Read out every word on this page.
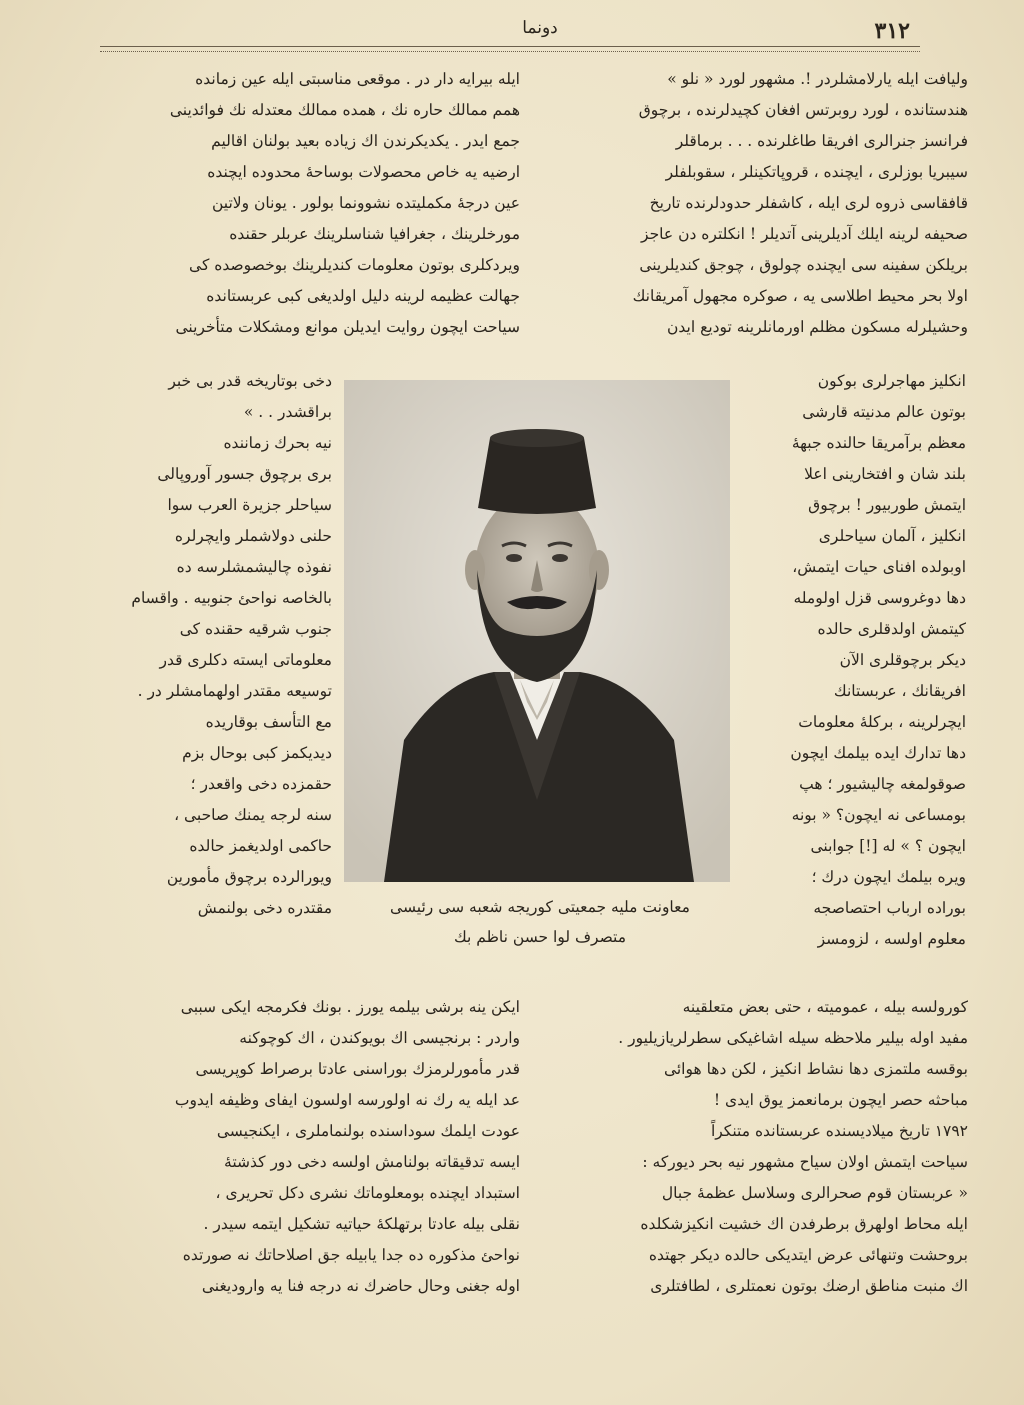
٣١٢
دونما

وليافت ايله يارلامشلردر !. مشهور لورد « نلو »

هندستانده ، لورد روبرتس افغان كچيدلرنده ، برچوق

فرانسز جنرالرى افريقا طاغلرنده . . . برماقلر

سيبريا بوزلرى ، ايچنده ، قروپاتكينلر ، سقوبلفلر

قافقاسى ذروه لرى ايله ، كاشفلر حدودلرنده تاريخ

صحيفه لرينه ايلك آديلرينى آتديلر ! انكلتره دن عاجز

بريلكن سفينه سى ايچنده چولوق ، چوجق كنديلرينى

اولا بحر محيط اطلاسى يه ، صوكره مجهول آمريقانك

وحشيلرله مسكون مظلم اورمانلرينه توديع ايدن

ايله بيرايه دار در . موقعى مناسبتى ايله عين زمانده

همم ممالك حاره نك ، همده ممالك معتدله نك فوائدينى

جمع ايدر . يكديكرندن اك زياده بعيد بولنان اقاليم

ارضيه يه خاص محصولات بوساحهٔ محدوده ايچنده

عين درجهٔ مكمليتده نشوونما بولور . يونان ولاتين

مورخلرينك ، جغرافيا شناسلرينك عربلر حقنده

ويردكلرى بوتون معلومات كنديلرينك بوخصوصده كى

جهالت عظيمه لرينه دليل اولديغى كبى عربستانده

سياحت ايچون روايت ايديلن موانع ومشكلات متأخرينى

انكليز مهاجرلرى بوكون

بوتون عالم مدنيته قارشى

معظم برآمريقا حالنده جبههٔ

بلند شان و افتخارينى اعلا

ايتمش طوربيور ! برچوق

انكليز ، آلمان سياحلرى

اوبولده افناى حيات ايتمش،

دها دوغروسى قزل اولومله

كيتمش اولدقلرى حالده

ديكر برچوقلرى الآن

افريقانك ، عربستانك

ايچرلرينه ، بركلهٔ معلومات

دها تدارك ايده بيلمك ايچون

صوقولمغه چاليشيور ؛ هپ

بومساعى نه ايچون؟ « بونه

ايچون ؟ » له [!] جوابنى

ويره بيلمك ايچون درك ؛

بوراده ارباب احتصاصجه

معلوم اولسه ، لزومسز

دخى بوتاريخه قدر بى خبر

براقشدر . . »

نيه بحرك زماننده

برى برچوق جسور آوروپالى

سياحلر جزيرة العرب سوا

حلنى دولاشملر وايچرلره

نفوذه چاليشمشلرسه ده

بالخاصه نواحئ جنوبيه . واقسام

جنوب شرقيه حقنده كى

معلوماتى ايسته دكلرى قدر

توسيعه مقتدر اولهمامشلر در .

مع التأسف بوقاريده

ديديكمز كبى بوحال بزم

حقمزده دخى واقعدر ؛

سنه لرجه يمنك صاحبى ،

حاكمى اولديغمز حالده

ويورالرده برچوق مأمورين

مقتدره دخى بولنمش	معاونت مليه جمعيتى كوريجه شعبه سى رئيسى

متصرف لوا حسن ناظم بك

ايكن ينه برشى بيلمه يورز . بونك فكرمجه ايكى سببى

واردر : برنجيسى اك بويوكندن ، اك كوچوكنه

قدر مأمورلرمزك بوراسنى عادتا برصراط كوپريسى

عد ايله يه رك نه اولورسه اولسون ايفاى وظيفه ايدوب

عودت ايلمك سوداسنده بولنماملرى ، ايكنجيسى

ايسه تدقيقاته بولنامش اولسه دخى دور كذشتهٔ

استبداد ايچنده بومعلوماتك نشرى دكل تحريرى ،

نقلى بيله عادتا برتهلكهٔ حياتيه تشكيل ايتمه سيدر .

نواحئ مذكوره ده جدا يابيله جق اصلاحاتك نه صورتده

اوله جغنى وحال حاضرك نه درجه فنا يه واروديغنى

كورولسه بيله ، عموميته ، حتى بعض متعلقينه

مفيد اوله بيلير ملاحظه سيله اشاغيكى سطرلريازيليور .

بوقسه ملتمزى دها نشاط انكيز ، لكن دها هوائى

مباحثه حصر ايچون برمانعمز يوق ايدى !

١٧٩٢ تاريخ ميلاديسنده عربستانده متنكراً

سياحت ايتمش اولان سياح مشهور نيه بحر ديوركه :

« عربستان قوم صحرالرى وسلاسل عظمهٔ جبال

ايله محاط اولهرق برطرفدن اك خشيت انكيزشكلده

بروحشت وتنهائى عرض ايتديكى حالده ديكر جهتده

اك منبت مناطق ارضك بوتون نعمتلرى ، لطافتلرى
